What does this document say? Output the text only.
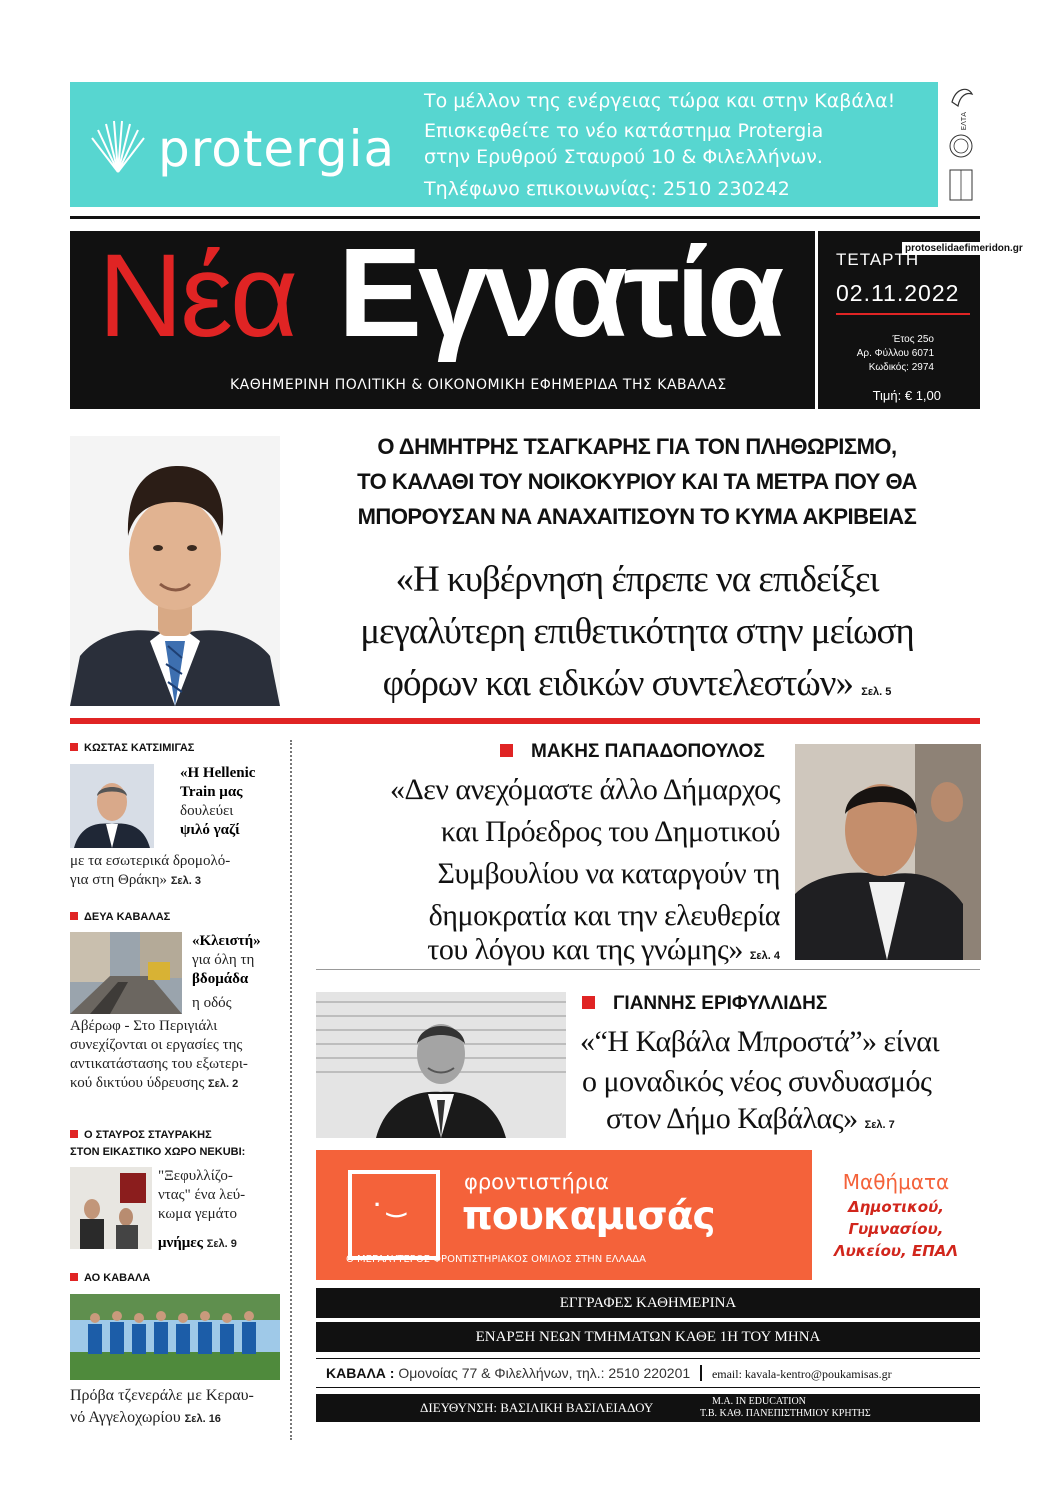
protergia
Το μέλλον της ενέργειας τώρα και στην Καβάλα!
Επισκεφθείτε το νέο κατάστημα Protergia
στην Ερυθρού Σταυρού 10 & Φιλελλήνων.
Τηλέφωνο επικοινωνίας: 2510 230242
ΕΛΤΑ
Νέα Εγνατία
ΚΑΘΗΜΕΡΙΝΗ ΠΟΛΙΤΙΚΗ & ΟΙΚΟΝΟΜΙΚΗ ΕΦΗΜΕΡΙΔΑ ΤΗΣ ΚΑΒΑΛΑΣ
protoselidaefimeridon.gr
ΤΕΤΑΡΤΗ
02.11.2022
Έτος 25ο
Αρ. Φύλλου 6071
Κωδικός: 2974
Τιμή: € 1,00
Ο ΔΗΜΗΤΡΗΣ ΤΣΑΓΚΑΡΗΣ ΓΙΑ ΤΟΝ ΠΛΗΘΩΡΙΣΜΟ,
ΤΟ ΚΑΛΑΘΙ ΤΟΥ ΝΟΙΚΟΚΥΡΙΟΥ ΚΑΙ ΤΑ ΜΕΤΡΑ ΠΟΥ ΘΑ
ΜΠΟΡΟΥΣΑΝ ΝΑ ΑΝΑΧΑΙΤΙΣΟΥΝ ΤΟ ΚΥΜΑ ΑΚΡΙΒΕΙΑΣ
«Η κυβέρνηση έπρεπε να επιδείξει
μεγαλύτερη επιθετικότητα στην μείωση
φόρων και ειδικών συντελεστών» Σελ. 5
ΚΩΣΤΑΣ ΚΑΤΣΙΜΙΓΑΣ
«Η Hellenic
Train μας
δουλεύει
ψιλό γαζί
με τα εσωτερικά δρομολό-
για στη Θράκη» Σελ. 3
ΔΕΥΑ ΚΑΒΑΛΑΣ
«Κλειστή»
για όλη τη
βδομάδα
η οδός
Αβέρωφ - Στο Περιγιάλι
συνεχίζονται οι εργασίες της
αντικατάστασης του εξωτερι-
κού δικτύου ύδρευσης Σελ. 2
Ο ΣΤΑΥΡΟΣ ΣΤΑΥΡΑΚΗΣ
ΣΤΟΝ ΕΙΚΑΣΤΙΚΟ ΧΩΡΟ ΝΕΚUBI:
"Ξεφυλλίζο-
ντας" ένα λεύ-
κωμα γεμάτο
μνήμες Σελ. 9
ΑΟ ΚΑΒΑΛΑ
Πρόβα τζενεράλε με Κεραυ-
νό Αγγελοχωρίου Σελ. 16
ΜΑΚΗΣ ΠΑΠΑΔΟΠΟΥΛΟΣ
«Δεν ανεχόμαστε άλλο Δήμαρχος
και Πρόεδρος του Δημοτικού
Συμβουλίου να καταργούν τη
δημοκρατία και την ελευθερία
του λόγου και της γνώμης» Σελ. 4
ΓΙΑΝΝΗΣ ΕΡΙΦΥΛΛΙΔΗΣ
«“Η Καβάλα Μπροστά”» είναι
ο μοναδικός νέος συνδυασμός
στον Δήμο Καβάλας» Σελ. 7
· ‿
φροντιστήρια
πουκαμισάς
Ο ΜΕΓΑΛΥΤΕΡΟΣ ΦΡΟΝΤΙΣΤΗΡΙΑΚΟΣ ΟΜΙΛΟΣ ΣΤΗΝ ΕΛΛΑΔΑ
Μαθήματα
Δημοτικού,
Γυμνασίου,
Λυκείου, ΕΠΑΛ
ΕΓΓΡΑΦΕΣ ΚΑΘΗΜΕΡΙΝΑ
ΕΝΑΡΞΗ ΝΕΩΝ ΤΜΗΜΑΤΩΝ ΚΑΘΕ 1Η ΤΟΥ ΜΗΝΑ
ΚΑΒΑΛΑ : Ομονοίας 77 & Φιλελλήνων, τηλ.: 2510 220201 email: kavala-kentro@poukamisas.gr
ΔΙΕΥΘΥΝΣΗ: ΒΑΣΙΛΙΚΗ ΒΑΣΙΛΕΙΑΔΟΥ	Μ.Α. IN EDUCATION
Τ.Β. ΚΑΘ. ΠΑΝΕΠΙΣΤΗΜΙΟΥ ΚΡΗΤΗΣ
